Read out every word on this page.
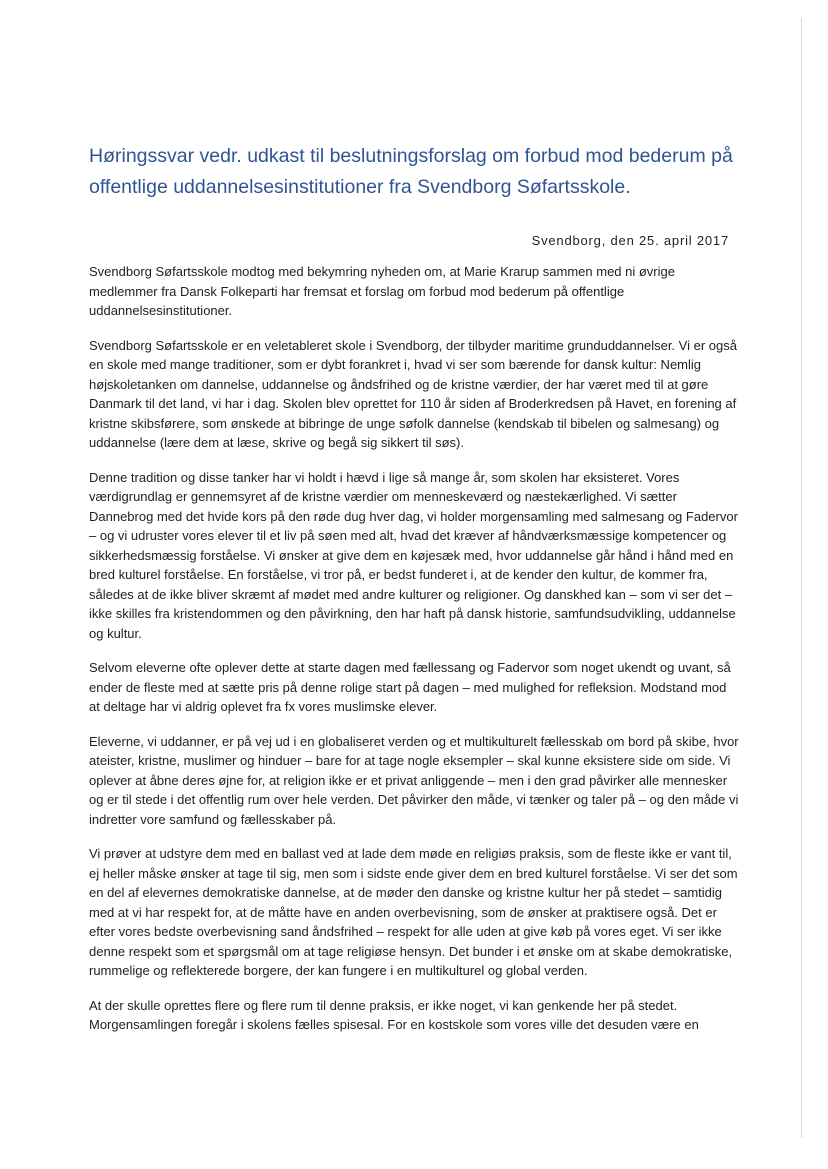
Høringssvar vedr. udkast til beslutningsforslag om forbud mod bederum på offentlige uddannelsesinstitutioner fra Svendborg Søfartsskole.
Svendborg, den 25. april 2017

Svendborg Søfartsskole modtog med bekymring nyheden om, at Marie Krarup sammen med ni øvrige medlemmer fra Dansk Folkeparti har fremsat et forslag om forbud mod bederum på offentlige uddannelsesinstitutioner.

Svendborg Søfartsskole er en veletableret skole i Svendborg, der tilbyder maritime grunduddannelser. Vi er også en skole med mange traditioner, som er dybt forankret i, hvad vi ser som bærende for dansk kultur: Nemlig højskoletanken om dannelse, uddannelse og åndsfrihed og de kristne værdier, der har været med til at gøre Danmark til det land, vi har i dag. Skolen blev oprettet for 110 år siden af Broderkredsen på Havet, en forening af kristne skibsførere, som ønskede at bibringe de unge søfolk dannelse (kendskab til bibelen og salmesang) og uddannelse (lære dem at læse, skrive og begå sig sikkert til søs).

Denne tradition og disse tanker har vi holdt i hævd i lige så mange år, som skolen har eksisteret. Vores værdigrundlag er gennemsyret af de kristne værdier om menneskeværd og næstekærlighed. Vi sætter Dannebrog med det hvide kors på den røde dug hver dag, vi holder morgensamling med salmesang og Fadervor – og vi udruster vores elever til et liv på søen med alt, hvad det kræver af håndværksmæssige kompetencer og sikkerhedsmæssig forståelse. Vi ønsker at give dem en køjesæk med, hvor uddannelse går hånd i hånd med en bred kulturel forståelse. En forståelse, vi tror på, er bedst funderet i, at de kender den kultur, de kommer fra, således at de ikke bliver skræmt af mødet med andre kulturer og religioner. Og danskhed kan – som vi ser det – ikke skilles fra kristendommen og den påvirkning, den har haft på dansk historie, samfundsudvikling, uddannelse og kultur.

Selvom eleverne ofte oplever dette at starte dagen med fællessang og Fadervor som noget ukendt og uvant, så ender de fleste med at sætte pris på denne rolige start på dagen – med mulighed for refleksion. Modstand mod at deltage har vi aldrig oplevet fra fx vores muslimske elever.

Eleverne, vi uddanner, er på vej ud i en globaliseret verden og et multikulturelt fællesskab om bord på skibe, hvor ateister, kristne, muslimer og hinduer – bare for at tage nogle eksempler – skal kunne eksistere side om side. Vi oplever at åbne deres øjne for, at religion ikke er et privat anliggende – men i den grad påvirker alle mennesker og er til stede i det offentlig rum over hele verden. Det påvirker den måde, vi tænker og taler på – og den måde vi indretter vore samfund og fællesskaber på.

Vi prøver at udstyre dem med en ballast ved at lade dem møde en religiøs praksis, som de fleste ikke er vant til, ej heller måske ønsker at tage til sig, men som i sidste ende giver dem en bred kulturel forståelse. Vi ser det som en del af elevernes demokratiske dannelse, at de møder den danske og kristne kultur her på stedet – samtidig med at vi har respekt for, at de måtte have en anden overbevisning, som de ønsker at praktisere også. Det er efter vores bedste overbevisning sand åndsfrihed – respekt for alle uden at give køb på vores eget. Vi ser ikke denne respekt som et spørgsmål om at tage religiøse hensyn. Det bunder i et ønske om at skabe demokratiske, rummelige og reflekterede borgere, der kan fungere i en multikulturel og global verden.

At der skulle oprettes flere og flere rum til denne praksis, er ikke noget, vi kan genkende her på stedet. Morgensamlingen foregår i skolens fælles spisesal. For en kostskole som vores ville det desuden være en
